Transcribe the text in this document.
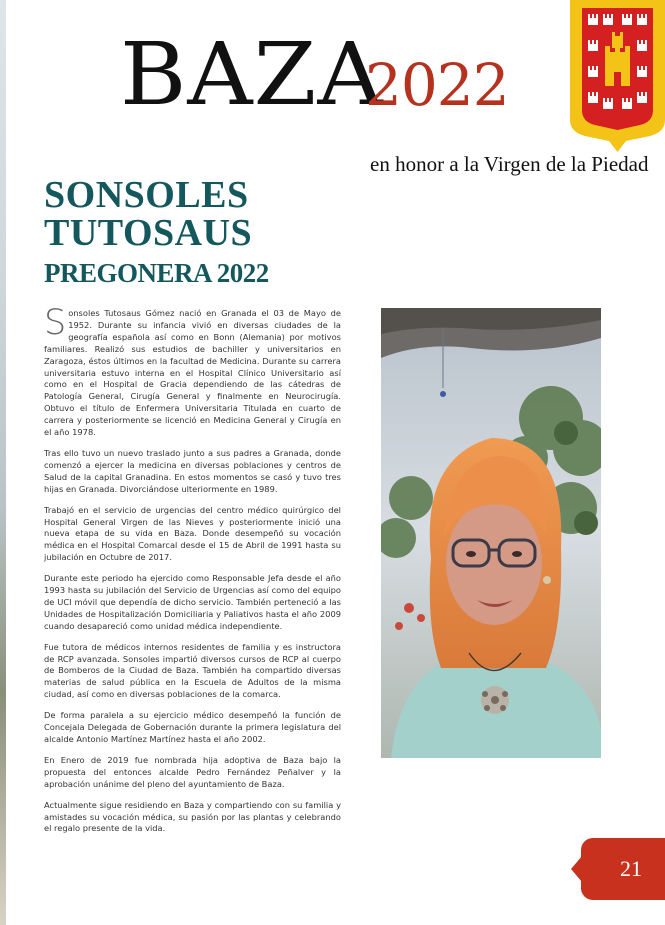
BAZA
2022
en honor a la Virgen de la Piedad
SONSOLES
TUTOSAUS
PREGONERA 2022

Sonsoles Tutosaus Gómez nació en Granada el 03 de Mayo de 1952. Durante su infancia vivió en diversas ciudades de la geografía española así como en Bonn (Alemania) por motivos familiares. Realizó sus estudios de bachiller y universitarios en Zaragoza, éstos últimos en la facultad de Medicina. Durante su carrera universitaria estuvo interna en el Hospital Clínico Universitario así como en el Hospital de Gracia dependiendo de las cátedras de Patología General, Cirugía General y finalmente en Neurocirugía. Obtuvo el título de Enfermera Universitaria Titulada en cuarto de carrera y posteriormente se licenció en Medicina General y Cirugía en el año 1978.

Tras ello tuvo un nuevo traslado junto a sus padres a Granada, donde comenzó a ejercer la medicina en diversas poblaciones y centros de Salud de la capital Granadina. En estos momentos se casó y tuvo tres hijas en Granada. Divorciándose ulteriormente en 1989.

Trabajó en el servicio de urgencias del centro médico quirúrgico del Hospital General Virgen de las Nieves y posteriormente inició una nueva etapa de su vida en Baza. Donde desempeñó su vocación médica en el Hospital Comarcal desde el 15 de Abril de 1991 hasta su jubilación en Octubre de 2017.

Durante este periodo ha ejercido como Responsable Jefa desde el año 1993 hasta su jubilación del Servicio de Urgencias así como del equipo de UCI móvil que dependía de dicho servicio. También perteneció a las Unidades de Hospitalización Domiciliaria y Paliativos hasta el año 2009 cuando desapareció como unidad médica independiente.

Fue tutora de médicos internos residentes de familia y es instructora de RCP avanzada. Sonsoles impartió diversos cursos de RCP al cuerpo de Bomberos de la Ciudad de Baza. También ha compartido diversas materias de salud pública en la Escuela de Adultos de la misma ciudad, así como en diversas poblaciones de la comarca.

De forma paralela a su ejercicio médico desempeñó la función de Concejala Delegada de Gobernación durante la primera legislatura del alcalde Antonio Martínez Martínez hasta el año 2002.

En Enero de 2019 fue nombrada hija adoptiva de Baza bajo la propuesta del entonces alcalde Pedro Fernández Peñalver y la aprobación unánime del pleno del ayuntamiento de Baza.

Actualmente sigue residiendo en Baza y compartiendo con su familia y amistades su vocación médica, su pasión por las plantas y celebrando el regalo presente de la vida.

21
